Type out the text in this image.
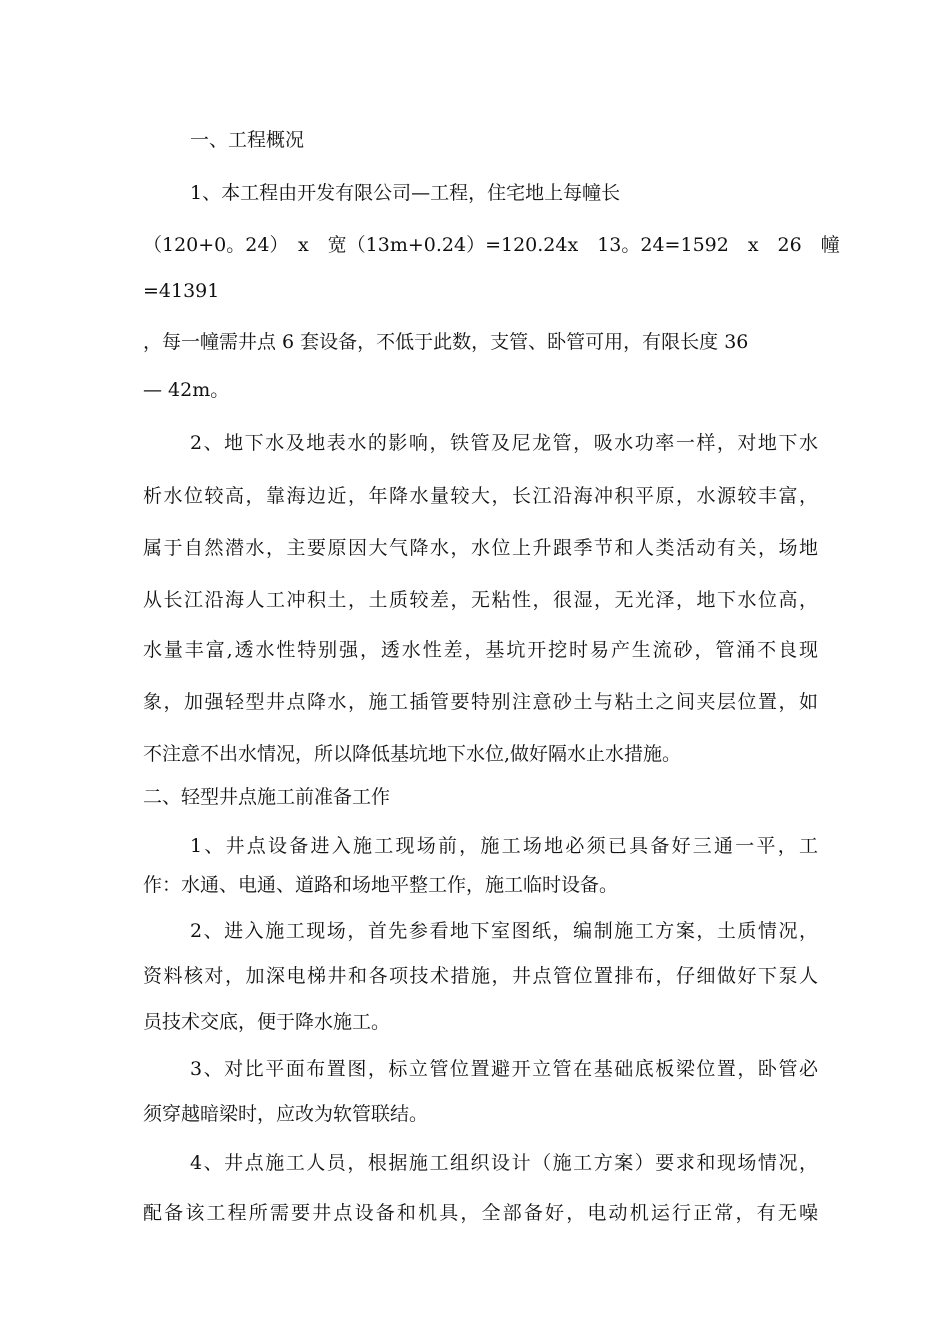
一、工程概况
1、本工程由开发有限公司—工程，住宅地上每幢长
（120+0。24）　x　宽（13m+0.24）=120.24x　13。24=1592　x　26　幢
=41391
，每一幢需井点 6 套设备，不低于此数，支管、卧管可用，有限长度 36
— 42m。
2、地下水及地表水的影响，铁管及尼龙管，吸水功率一样，对地下水
析水位较高，靠海边近，年降水量较大，长江沿海冲积平原，水源较丰富，
属于自然潜水，主要原因大气降水，水位上升跟季节和人类活动有关，场地
从长江沿海人工冲积土，土质较差，无粘性，很湿，无光泽，地下水位高，
水量丰富,透水性特别强，透水性差，基坑开挖时易产生流砂，管涌不良现
象，加强轻型井点降水，施工插管要特别注意砂土与粘土之间夹层位置，如
不注意不出水情况，所以降低基坑地下水位,做好隔水止水措施。
二、轻型井点施工前准备工作
1、井点设备进入施工现场前，施工场地必须已具备好三通一平，工
作：水通、电通、道路和场地平整工作，施工临时设备。
2、进入施工现场，首先参看地下室图纸，编制施工方案，土质情况，
资料核对，加深电梯井和各项技术措施，井点管位置排布，仔细做好下泵人
员技术交底，便于降水施工。
3、对比平面布置图，标立管位置避开立管在基础底板梁位置，卧管必
须穿越暗梁时，应改为软管联结。
4、井点施工人员，根据施工组织设计（施工方案）要求和现场情况，
配备该工程所需要井点设备和机具，全部备好，电动机运行正常，有无噪
